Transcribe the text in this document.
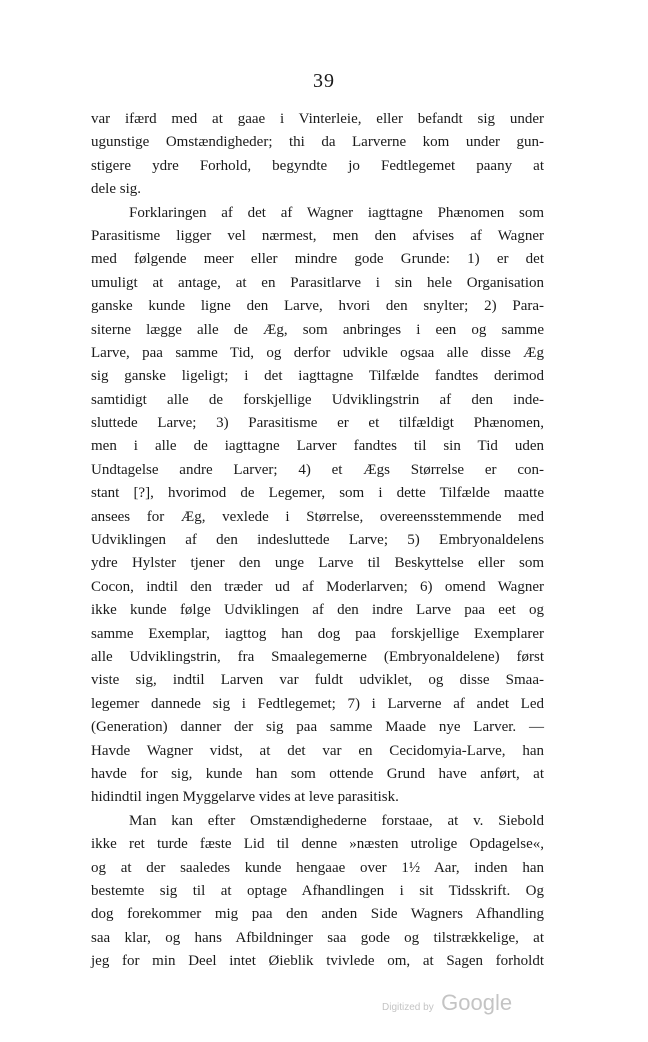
39
var ifærd med at gaae i Vinterleie, eller befandt sig under
ugunstige Omstændigheder; thi da Larverne kom under gun-
stigere ydre Forhold, begyndte jo Fedtlegemet paany at
dele sig.
Forklaringen af det af Wagner iagttagne Phænomen som
Parasitisme ligger vel nærmest, men den afvises af Wagner
med følgende meer eller mindre gode Grunde: 1) er det
umuligt at antage, at en Parasitlarve i sin hele Organisation
ganske kunde ligne den Larve, hvori den snylter; 2) Para-
siterne lægge alle de Æg, som anbringes i een og samme
Larve, paa samme Tid, og derfor udvikle ogsaa alle disse Æg
sig ganske ligeligt; i det iagttagne Tilfælde fandtes derimod
samtidigt alle de forskjellige Udviklingstrin af den inde-
sluttede Larve; 3) Parasitisme er et tilfældigt Phænomen,
men i alle de iagttagne Larver fandtes til sin Tid uden
Undtagelse andre Larver; 4) et Ægs Størrelse er con-
stant [?], hvorimod de Legemer, som i dette Tilfælde maatte
ansees for Æg, vexlede i Størrelse, overeensstemmende med
Udviklingen af den indesluttede Larve; 5) Embryonaldelens
ydre Hylster tjener den unge Larve til Beskyttelse eller som
Cocon, indtil den træder ud af Moderlarven; 6) omend Wagner
ikke kunde følge Udviklingen af den indre Larve paa eet og
samme Exemplar, iagttog han dog paa forskjellige Exemplarer
alle Udviklingstrin, fra Smaalegemerne (Embryonaldelene) først
viste sig, indtil Larven var fuldt udviklet, og disse Smaa-
legemer dannede sig i Fedtlegemet; 7) i Larverne af andet Led
(Generation) danner der sig paa samme Maade nye Larver. —
Havde Wagner vidst, at det var en Cecidomyia-Larve, han
havde for sig, kunde han som ottende Grund have anført, at
hidindtil ingen Myggelarve vides at leve parasitisk.
Man kan efter Omstændighederne forstaae, at v. Siebold
ikke ret turde fæste Lid til denne »næsten utrolige Opdagelse«,
og at der saaledes kunde hengaae over 1½ Aar, inden han
bestemte sig til at optage Afhandlingen i sit Tidsskrift. Og
dog forekommer mig paa den anden Side Wagners Afhandling
saa klar, og hans Afbildninger saa gode og tilstrækkelige, at
jeg for min Deel intet Øieblik tvivlede om, at Sagen forholdt
Digitized by Google
